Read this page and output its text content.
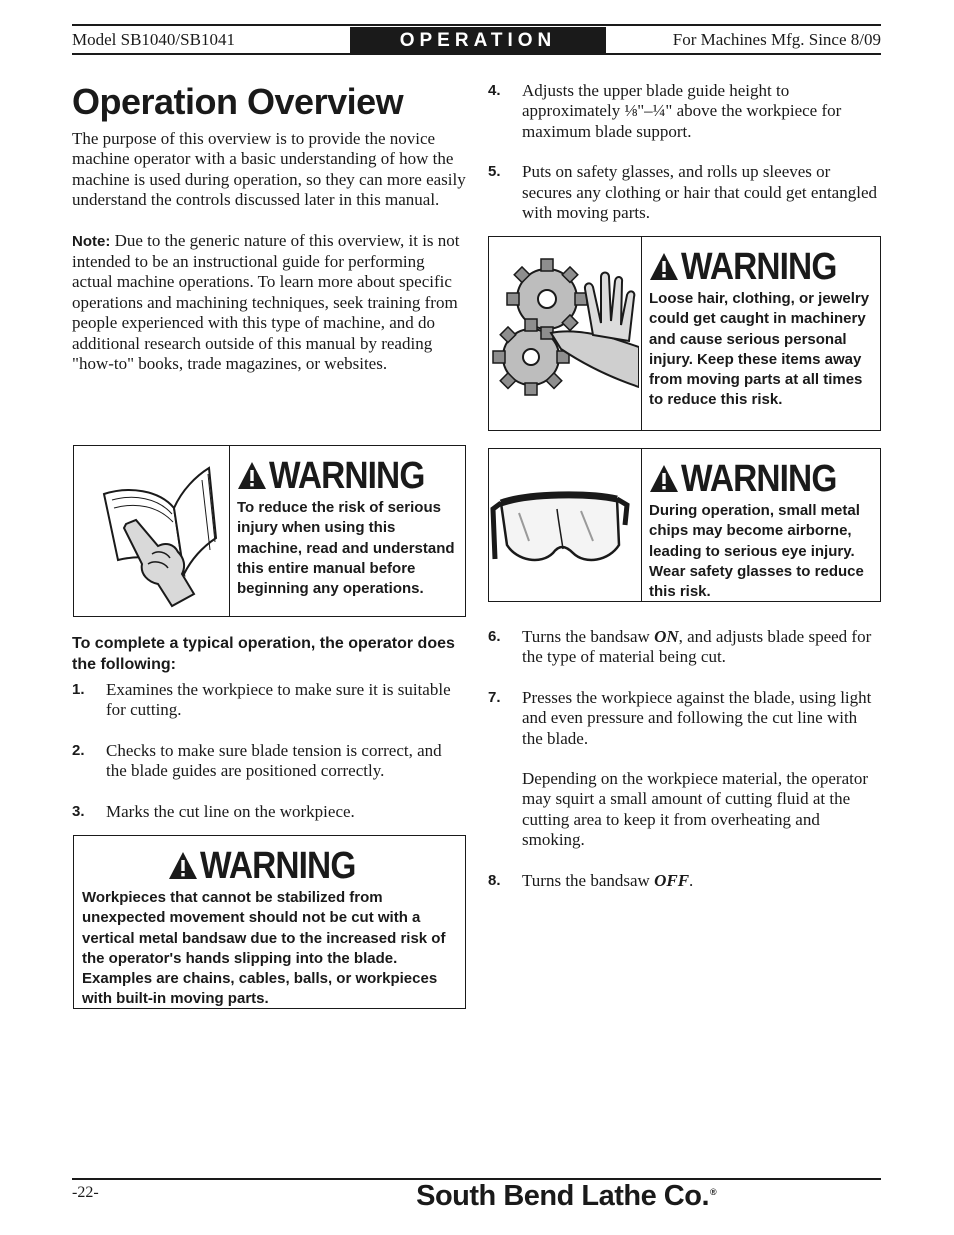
Model SB1040/SB1041	OPERATION	For Machines Mfg. Since 8/09
Operation Overview

The purpose of this overview is to provide the novice machine operator with a basic understanding of how the machine is used during operation, so they can more easily understand the controls discussed later in this manual.

Note: Due to the generic nature of this overview, it is not intended to be an instructional guide for performing actual machine operations. To learn more about specific operations and machining techniques, seek training from people experienced with this type of machine, and do additional research outside of this manual by reading "how-to" books, trade magazines, or websites.

WARNING
To reduce the risk of serious injury when using this machine, read and understand this entire manual before beginning any operations.

To complete a typical operation, the operator does the following:

1. Examines the workpiece to make sure it is suitable for cutting.
2. Checks to make sure blade tension is correct, and the blade guides are positioned correctly.
3. Marks the cut line on the workpiece.
WARNING
Workpieces that cannot be stabilized from unexpected movement should not be cut with a vertical metal bandsaw due to the increased risk of the operator's hands slipping into the blade. Examples are chains, cables, balls, or workpieces with built-in moving parts.
4. Adjusts the upper blade guide height to approximately ⅛"–¼" above the workpiece for maximum blade support.
5. Puts on safety glasses, and rolls up sleeves or secures any clothing or hair that could get entangled with moving parts.
WARNING
Loose hair, clothing, or jewelry could get caught in machinery and cause serious personal injury. Keep these items away from moving parts at all times to reduce this risk.
WARNING
During operation, small metal chips may become airborne, leading to serious eye injury. Wear safety glasses to reduce this risk.
6. Turns the bandsaw ON, and adjusts blade speed for the type of material being cut.
7. Presses the workpiece against the blade, using light and even pressure and following the cut line with the blade.
Depending on the workpiece material, the operator may squirt a small amount of cutting fluid at the cutting area to keep it from overheating and smoking.
8. Turns the bandsaw OFF.
-22-	South Bend Lathe Co. ®
